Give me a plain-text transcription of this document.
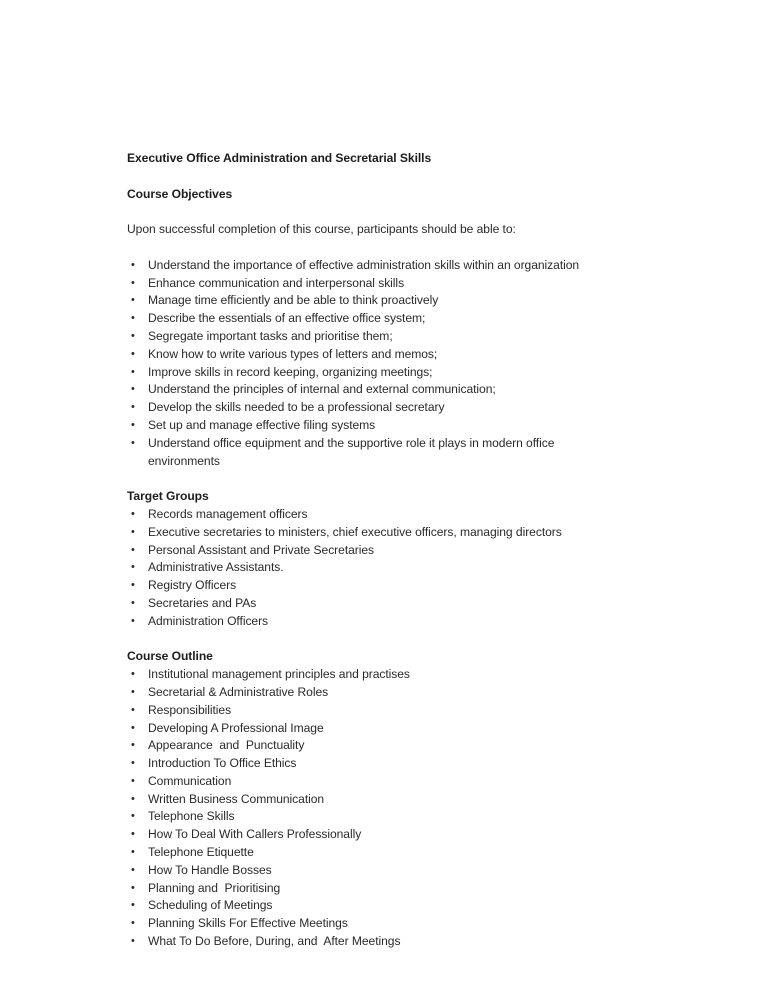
Executive Office Administration and Secretarial Skills
Course Objectives

Upon successful completion of this course, participants should be able to:

• Understand the importance of effective administration skills within an organization
• Enhance communication and interpersonal skills
• Manage time efficiently and be able to think proactively
• Describe the essentials of an effective office system;
• Segregate important tasks and prioritise them;
• Know how to write various types of letters and memos;
• Improve skills in record keeping, organizing meetings;
• Understand the principles of internal and external communication;
• Develop the skills needed to be a professional secretary
• Set up and manage effective filing systems
• Understand office equipment and the supportive role it plays in modern office environments
Target Groups
• Records management officers
• Executive secretaries to ministers, chief executive officers, managing directors
• Personal Assistant and Private Secretaries
• Administrative Assistants.
• Registry Officers
• Secretaries and PAs
• Administration Officers
Course Outline
• Institutional management principles and practises
• Secretarial & Administrative Roles
• Responsibilities
• Developing A Professional Image
• Appearance  and  Punctuality
• Introduction To Office Ethics
• Communication
• Written Business Communication
• Telephone Skills
• How To Deal With Callers Professionally
• Telephone Etiquette
• How To Handle Bosses
• Planning and  Prioritising
• Scheduling of Meetings
• Planning Skills For Effective Meetings
• What To Do Before, During, and  After Meetings
